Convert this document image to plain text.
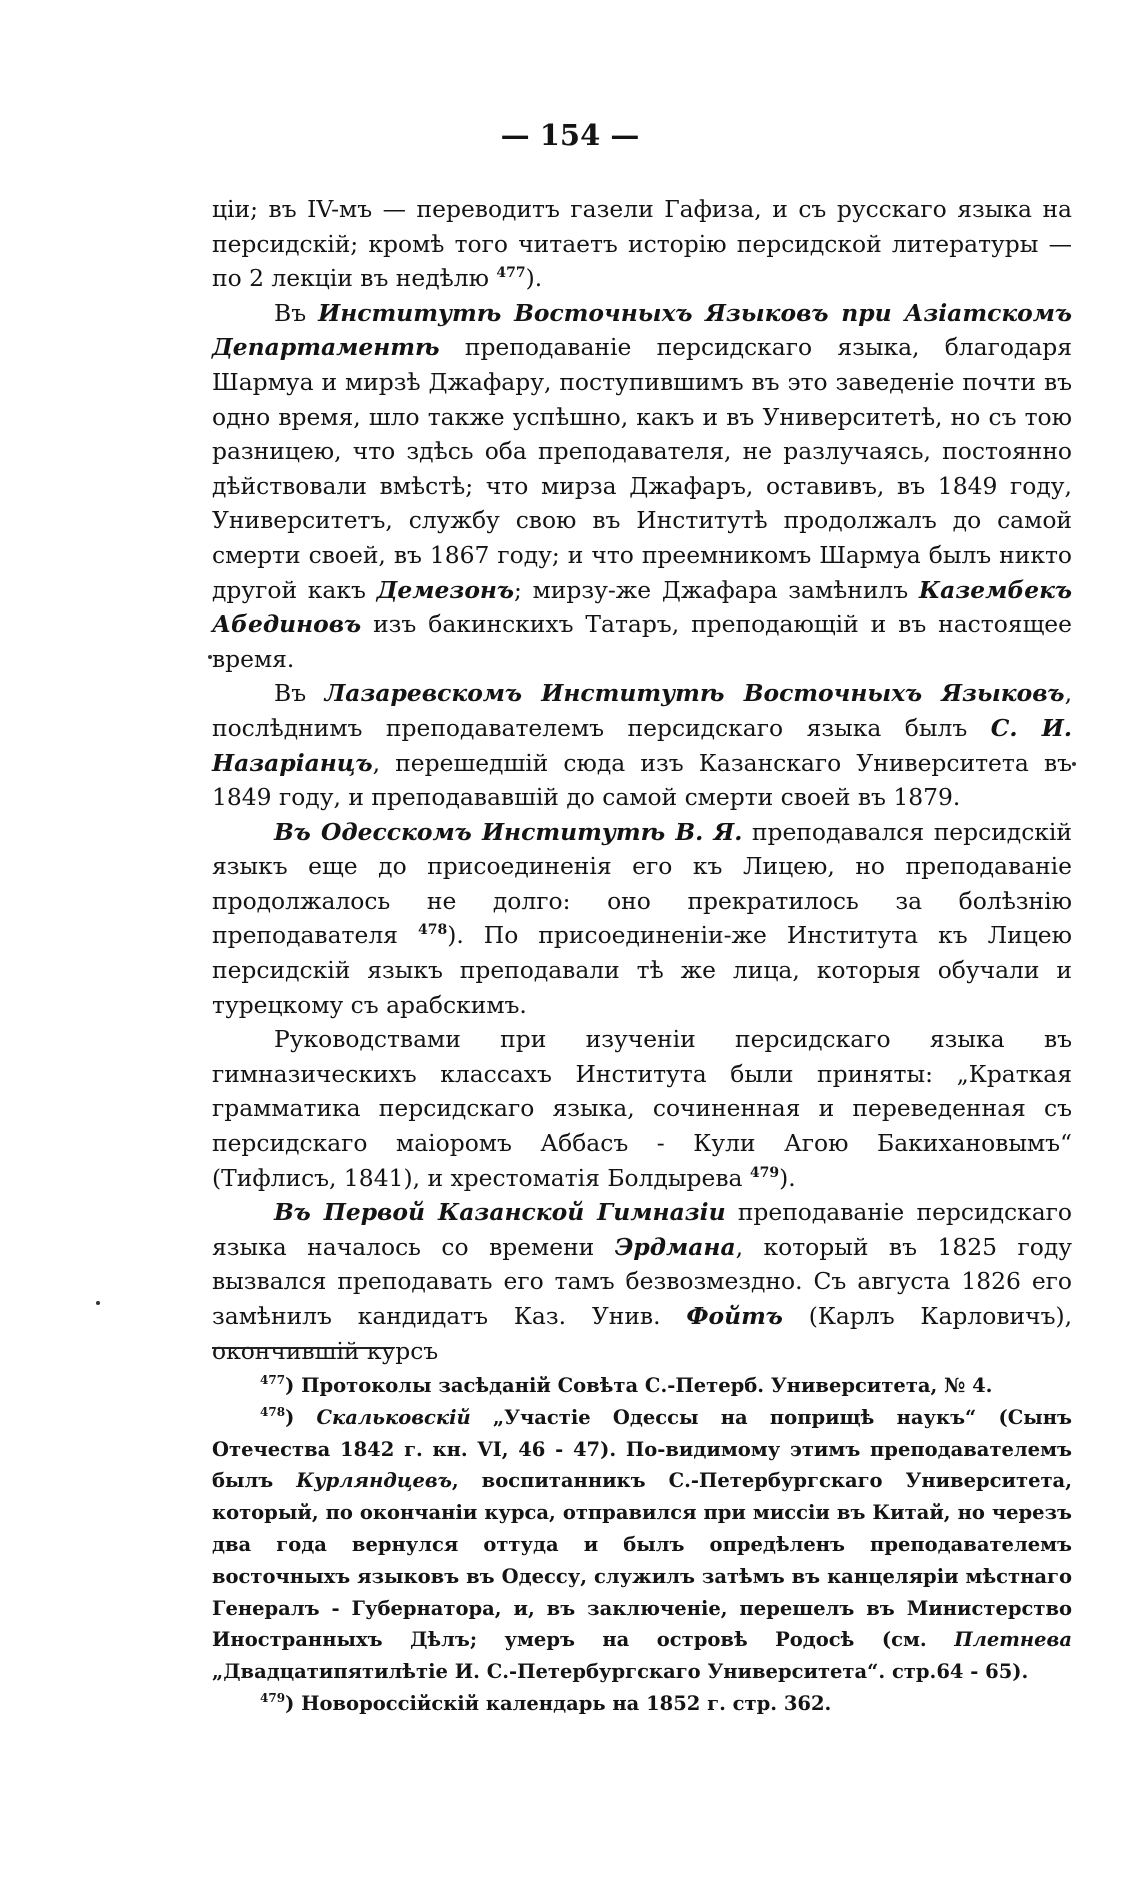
— 154 —

ціи; въ IV-мъ — переводитъ газели Гафиза, и съ русскаго языка на персидскій; кромѣ того читаетъ исторію персидской литературы — по 2 лекціи въ недѣлю $^{477}$).

Въ Институтѣ Восточныхъ Языковъ при Азіатскомъ Департаментѣ преподаваніе персидскаго языка, благодаря Шармуа и мирзѣ Джафару, поступившимъ въ это заведеніе почти въ одно время, шло также успѣшно, какъ и въ Университетѣ, но съ тою разницею, что здѣсь оба преподавателя, не разлучаясь, постоянно дѣйствовали вмѣстѣ; что мирза Джафаръ, оставивъ, въ 1849 году, Университетъ, службу свою въ Институтѣ продолжалъ до самой смерти своей, въ 1867 году; и что преемникомъ Шармуа былъ никто другой какъ Демезонъ; мирзу-же Джафара замѣнилъ Казембекъ Абединовъ изъ бакинскихъ Татаръ, преподающій и въ настоящее время.

Въ Лазаревскомъ Институтѣ Восточныхъ Языковъ, послѣднимъ преподавателемъ персидскаго языка былъ С. И. Назаріанцъ, перешедшій сюда изъ Казанскаго Университета въ 1849 году, и преподававшій до самой смерти своей въ 1879.

Въ Одесскомъ Институтѣ В. Я. преподавался персидскій языкъ еще до присоединенія его къ Лицею, но преподаваніе продолжалось не долго: оно прекратилось за болѣзнію преподавателя $^{478}$). По присоединеніи-же Института къ Лицею персидскій языкъ преподавали тѣ же лица, которыя обучали и турецкому съ арабскимъ.

Руководствами при изученіи персидскаго языка въ гимназическихъ классахъ Института были приняты: „Краткая грамматика персидскаго языка, сочиненная и переведенная съ персидскаго маіоромъ Аббасъ - Кули Агою Бакихановымъ“ (Тифлисъ, 1841), и хрестоматія Болдырева $^{479}$).

Въ Первой Казанской Гимназіи преподаваніе персидскаго языка началось со времени Эрдмана, который въ 1825 году вызвался преподавать его тамъ безвозмездно. Съ августа 1826 его замѣнилъ кандидатъ Каз. Унив. Фойтъ (Карлъ Карловичъ), окончившій курсъ

$^{477}$) Протоколы засѣданій Совѣта С.-Петерб. Университета, № 4.

$^{478}$) Скальковскій „Участіе Одессы на поприщѣ наукъ“ (Сынъ Отечества 1842 г. кн. VI, 46 - 47). По-видимому этимъ преподавателемъ былъ Курляндцевъ, воспитанникъ С.-Петербургскаго Университета, который, по окончаніи курса, отправился при миссіи въ Китай, но черезъ два года вернулся оттуда и былъ опредѣленъ преподавателемъ восточныхъ языковъ въ Одессу, служилъ затѣмъ въ канцеляріи мѣстнаго Генералъ - Губернатора, и, въ заключеніе, перешелъ въ Министерство Иностранныхъ Дѣлъ; умеръ на островѣ Родосѣ (см. Плетнева „Двадцатипятилѣтіе И. С.-Петербургскаго Университета“. стр.64 - 65).

$^{479}$) Новороссійскій календарь на 1852 г. стр. 362.
